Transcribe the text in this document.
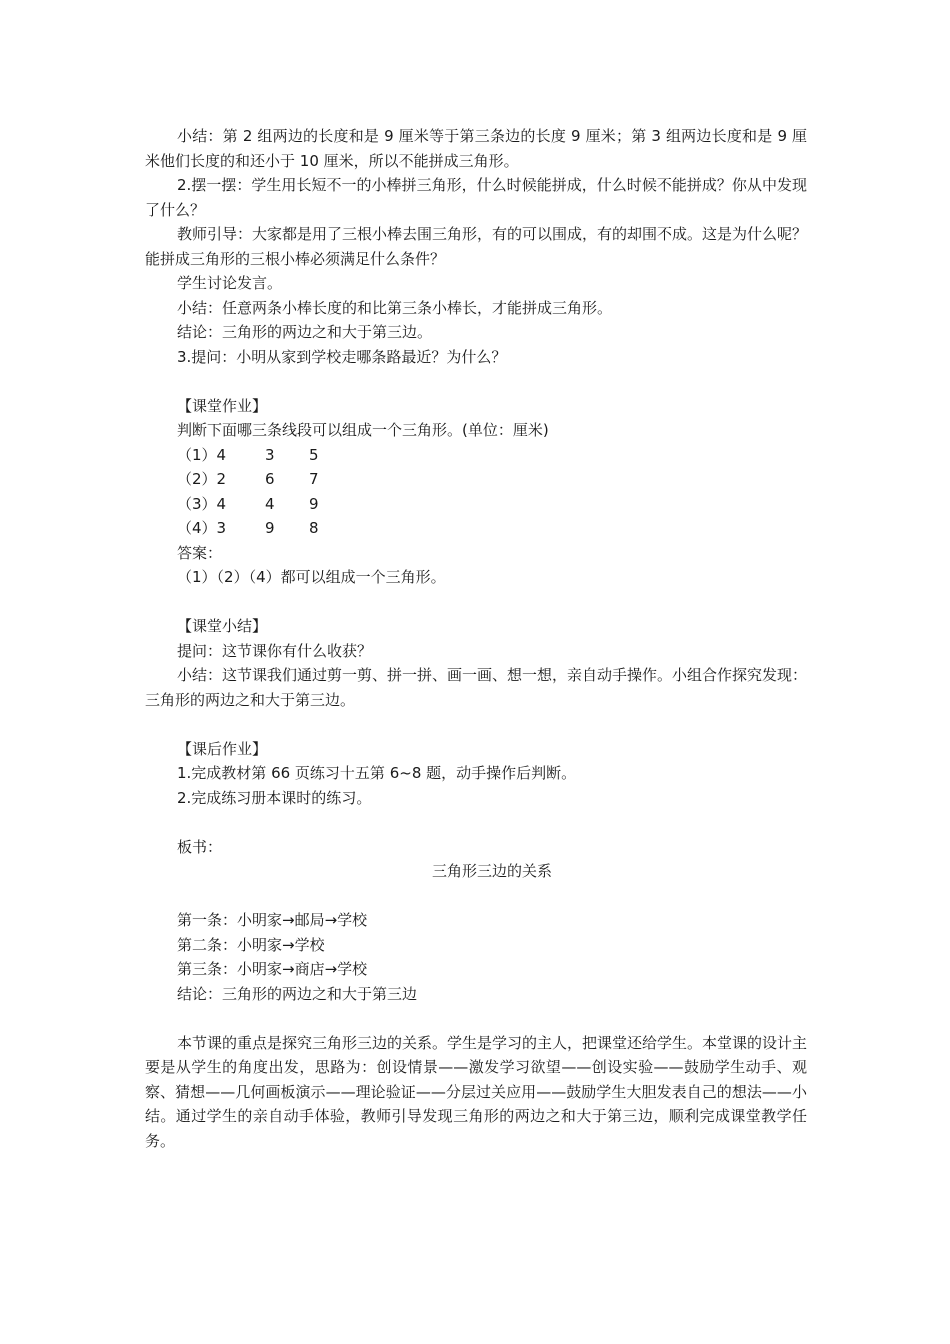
小结：第 2 组两边的长度和是 9 厘米等于第三条边的长度 9 厘米；第 3 组两边长度和是 9 厘米他们长度的和还小于 10 厘米，所以不能拼成三角形。

2.摆一摆：学生用长短不一的小棒拼三角形，什么时候能拼成，什么时候不能拼成？你从中发现了什么？

教师引导：大家都是用了三根小棒去围三角形，有的可以围成，有的却围不成。这是为什么呢？能拼成三角形的三根小棒必须满足什么条件？

学生讨论发言。

小结：任意两条小棒长度的和比第三条小棒长，才能拼成三角形。

结论：三角形的两边之和大于第三边。

3.提问：小明从家到学校走哪条路最近？为什么？

【课堂作业】

判断下面哪三条线段可以组成一个三角形。(单位：厘米)

（1）4	3 5
（2）2	6 7
（3）4	4 9
（4）3	9 8

答案：

（1）（2）（4）都可以组成一个三角形。

【课堂小结】

提问：这节课你有什么收获？

小结：这节课我们通过剪一剪、拼一拼、画一画、想一想，亲自动手操作。小组合作探究发现：三角形的两边之和大于第三边。

【课后作业】

1.完成教材第 66 页练习十五第 6~8 题，动手操作后判断。

2.完成练习册本课时的练习。

板书：

三角形三边的关系

第一条：小明家→邮局→学校

第二条：小明家→学校

第三条：小明家→商店→学校

结论：三角形的两边之和大于第三边

本节课的重点是探究三角形三边的关系。学生是学习的主人，把课堂还给学生。本堂课的设计主要是从学生的角度出发，思路为：创设情景——激发学习欲望——创设实验——鼓励学生动手、观察、猜想——几何画板演示——理论验证——分层过关应用——鼓励学生大胆发表自己的想法——小结。通过学生的亲自动手体验，教师引导发现三角形的两边之和大于第三边，顺利完成课堂教学任务。
